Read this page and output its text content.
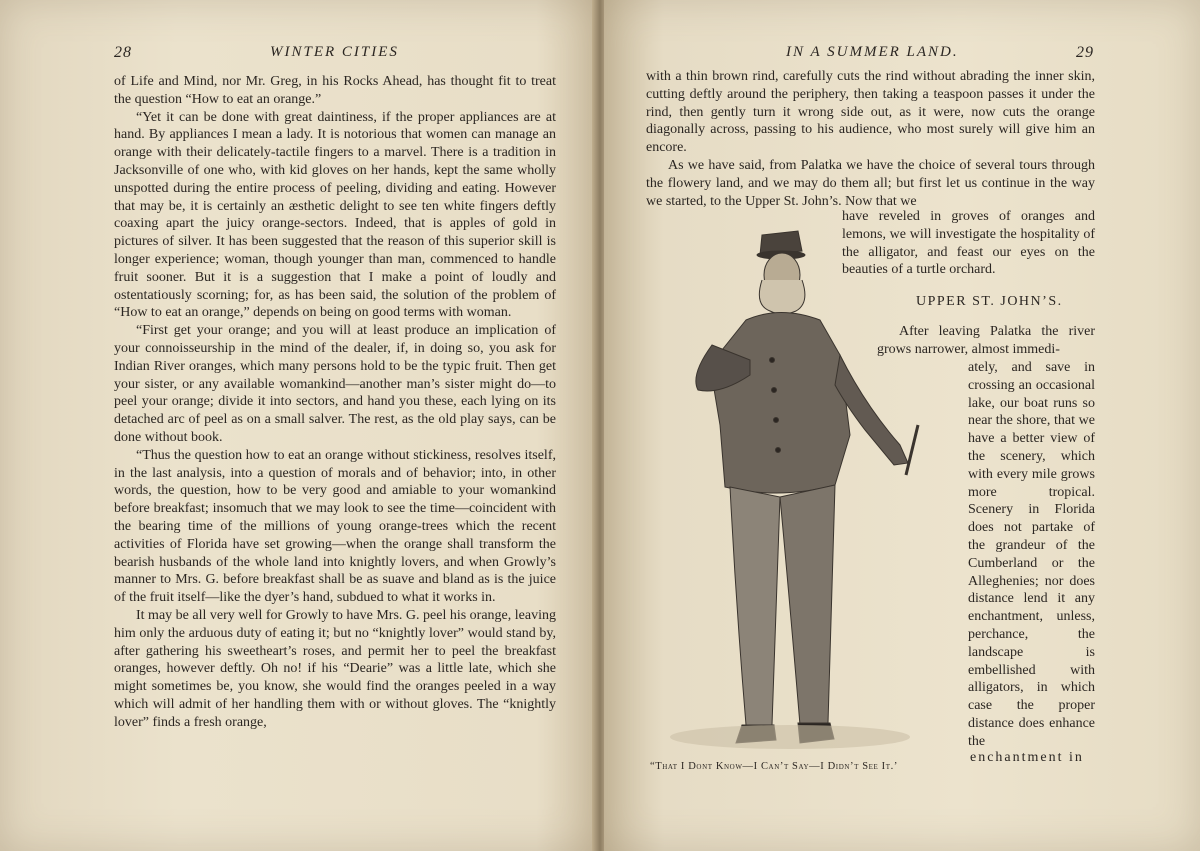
28	WINTER CITIES

of Life and Mind, nor Mr. Greg, in his Rocks Ahead, has thought fit to treat the question “How to eat an orange.”

“Yet it can be done with great daintiness, if the proper appliances are at hand. By appliances I mean a lady. It is notorious that women can manage an orange with their delicately-tactile fingers to a marvel. There is a tradition in Jacksonville of one who, with kid gloves on her hands, kept the same wholly unspotted during the entire process of peeling, dividing and eating. However that may be, it is certainly an æsthetic delight to see ten white fingers deftly coaxing apart the juicy orange-sectors. Indeed, that is apples of gold in pictures of silver. It has been suggested that the reason of this superior skill is longer experience; woman, though younger than man, commenced to handle fruit sooner. But it is a suggestion that I make a point of loudly and ostentatiously scorning; for, as has been said, the solution of the problem of “How to eat an orange,” depends on being on good terms with woman.

“First get your orange; and you will at least produce an implication of your connoisseurship in the mind of the dealer, if, in doing so, you ask for Indian River oranges, which many persons hold to be the typic fruit. Then get your sister, or any available womankind—another man’s sister might do—to peel your orange; divide it into sectors, and hand you these, each lying on its detached arc of peel as on a small salver. The rest, as the old play says, can be done without book.

“Thus the question how to eat an orange without stickiness, resolves itself, in the last analysis, into a question of morals and of behavior; into, in other words, the question, how to be very good and amiable to your womankind before breakfast; insomuch that we may look to see the time—coincident with the bearing time of the millions of young orange-trees which the recent activities of Florida have set growing—when the orange shall transform the bearish husbands of the whole land into knightly lovers, and when Growly’s manner to Mrs. G. before breakfast shall be as suave and bland as is the juice of the fruit itself—like the dyer’s hand, subdued to what it works in.

It may be all very well for Growly to have Mrs. G. peel his orange, leaving him only the arduous duty of eating it; but no “knightly lover” would stand by, after gathering his sweetheart’s roses, and permit her to peel the breakfast oranges, however deftly. Oh no! if his “Dearie” was a little late, which she might sometimes be, you know, she would find the oranges peeled in a way which will admit of her handling them with or without gloves. The “knightly lover” finds a fresh orange,

IN A SUMMER LAND.	29

with a thin brown rind, carefully cuts the rind without abrading the inner skin, cutting deftly around the periphery, then taking a teaspoon passes it under the rind, then gently turn it wrong side out, as it were, now cuts the orange diagonally across, passing to his audience, who most surely will give him an encore.

As we have said, from Palatka we have the choice of several tours through the flowery land, and we may do them all; but first let us continue in the way we started, to the Upper St. John’s. Now that we

have reveled in groves of oranges and lemons, we will investigate the hospitality of the alligator, and feast our eyes on the beauties of a turtle orchard.
UPPER ST. JOHN’S.
After leaving Palatka the river grows narrower, almost immedi-
ately, and save in crossing an occasional lake, our boat runs so near the shore, that we have a better view of the scenery, which with every mile grows more tropical. Scenery in Florida does not partake of the grandeur of the Cumberland or the Alleghenies; nor does distance lend it any enchantment, unless, perchance, the landscape is embellished with alligators, in which case the proper distance does enhance the
“That I Dont Know—I Can’t Say—I Didn’t See It.’
enchantment in
